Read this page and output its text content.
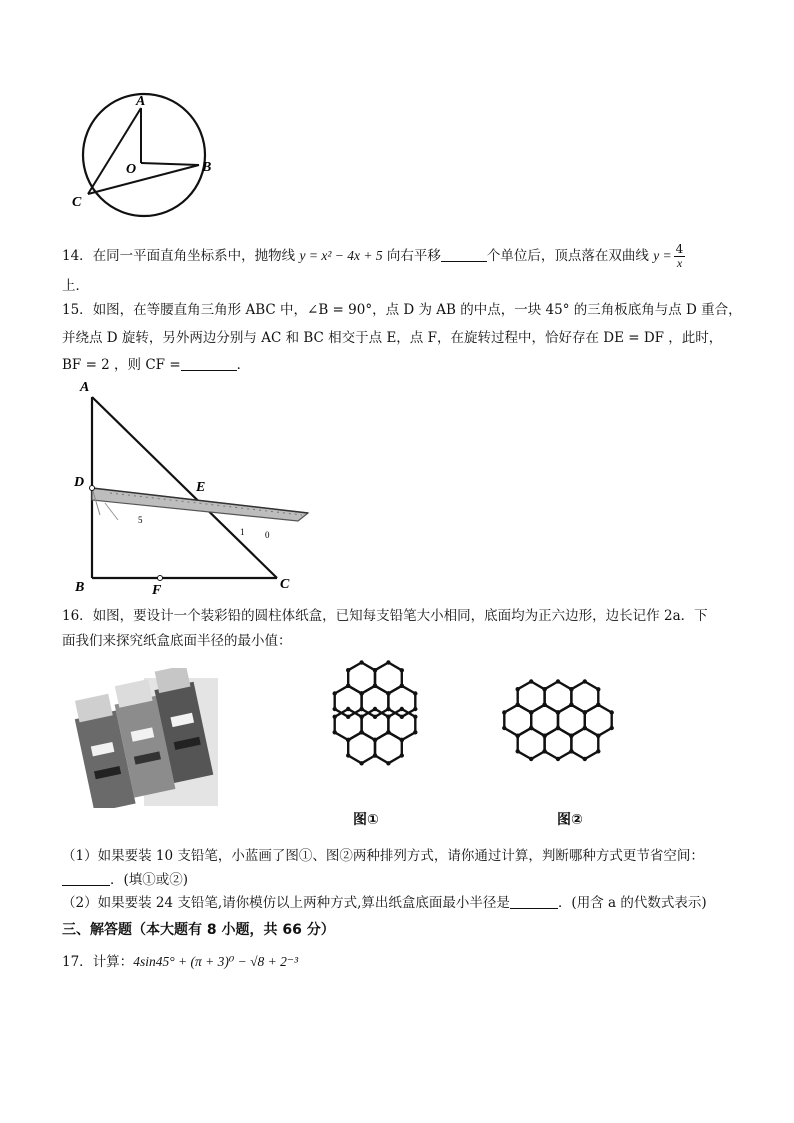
A
O	B
C
14．在同一平面直角坐标系中，抛物线 y = x² − 4x + 5 向右平移	个单位后，顶点落在双曲线 $y = \frac{4}{x}$
上．
15．如图，在等腰直角三角形 ABC 中，∠B = 90°，点 D 为 AB 的中点，一块 45° 的三角板底角与点 D 重合，
并绕点 D 旋转，另外两边分别与 AC 和 BC 相交于点 E，点 F，在旋转过程中，恰好存在 DE = DF ，此时，
BF = 2 ，则 CF =	．
5
1 0
A
D	E
B	F	C
16．如图，要设计一个装彩铅的圆柱体纸盒，已知每支铅笔大小相同，底面均为正六边形，边长记作 2a．下
面我们来探究纸盒底面半径的最小值：
图①	图②
（1）如果要装 10 支铅笔，小蓝画了图①、图②两种排列方式，请你通过计算，判断哪种方式更节省空间：
．(填①或②)
（2）如果要装 24 支铅笔,请你模仿以上两种方式,算出纸盒底面最小半径是	．(用含 a 的代数式表示)
三、解答题（本大题有 8 小题，共 66 分）
17．计算：4sin45° + (π + 3)⁰ − √8 + 2⁻³
